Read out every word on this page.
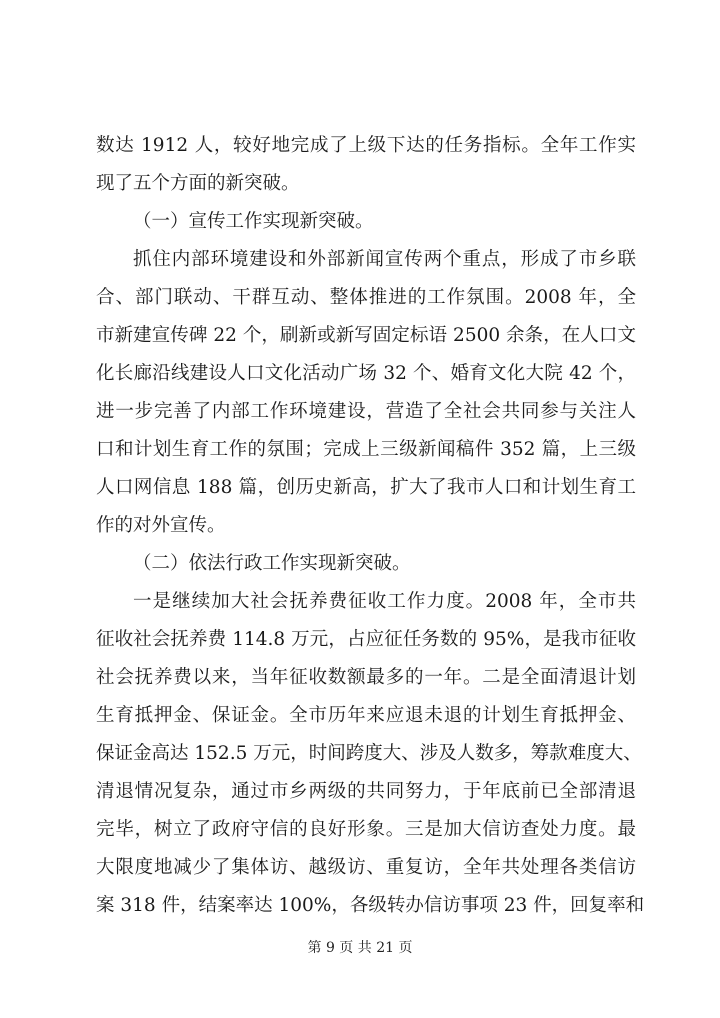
数达 1912 人，较好地完成了上级下达的任务指标。全年工作实
现了五个方面的新突破。
（一）宣传工作实现新突破。
抓住内部环境建设和外部新闻宣传两个重点，形成了市乡联
合、部门联动、干群互动、整体推进的工作氛围。2008 年，全
市新建宣传碑 22 个，刷新或新写固定标语 2500 余条，在人口文
化长廊沿线建设人口文化活动广场 32 个、婚育文化大院 42 个，
进一步完善了内部工作环境建设，营造了全社会共同参与关注人
口和计划生育工作的氛围；完成上三级新闻稿件 352 篇，上三级
人口网信息 188 篇，创历史新高，扩大了我市人口和计划生育工
作的对外宣传。
（二）依法行政工作实现新突破。
一是继续加大社会抚养费征收工作力度。2008 年，全市共
征收社会抚养费 114.8 万元，占应征任务数的 95%，是我市征收
社会抚养费以来，当年征收数额最多的一年。二是全面清退计划
生育抵押金、保证金。全市历年来应退未退的计划生育抵押金、
保证金高达 152.5 万元，时间跨度大、涉及人数多，筹款难度大、
清退情况复杂，通过市乡两级的共同努力，于年底前已全部清退
完毕，树立了政府守信的良好形象。三是加大信访查处力度。最
大限度地减少了集体访、越级访、重复访，全年共处理各类信访
案 318 件，结案率达 100%，各级转办信访事项 23 件，回复率和
第 9 页 共 21 页
